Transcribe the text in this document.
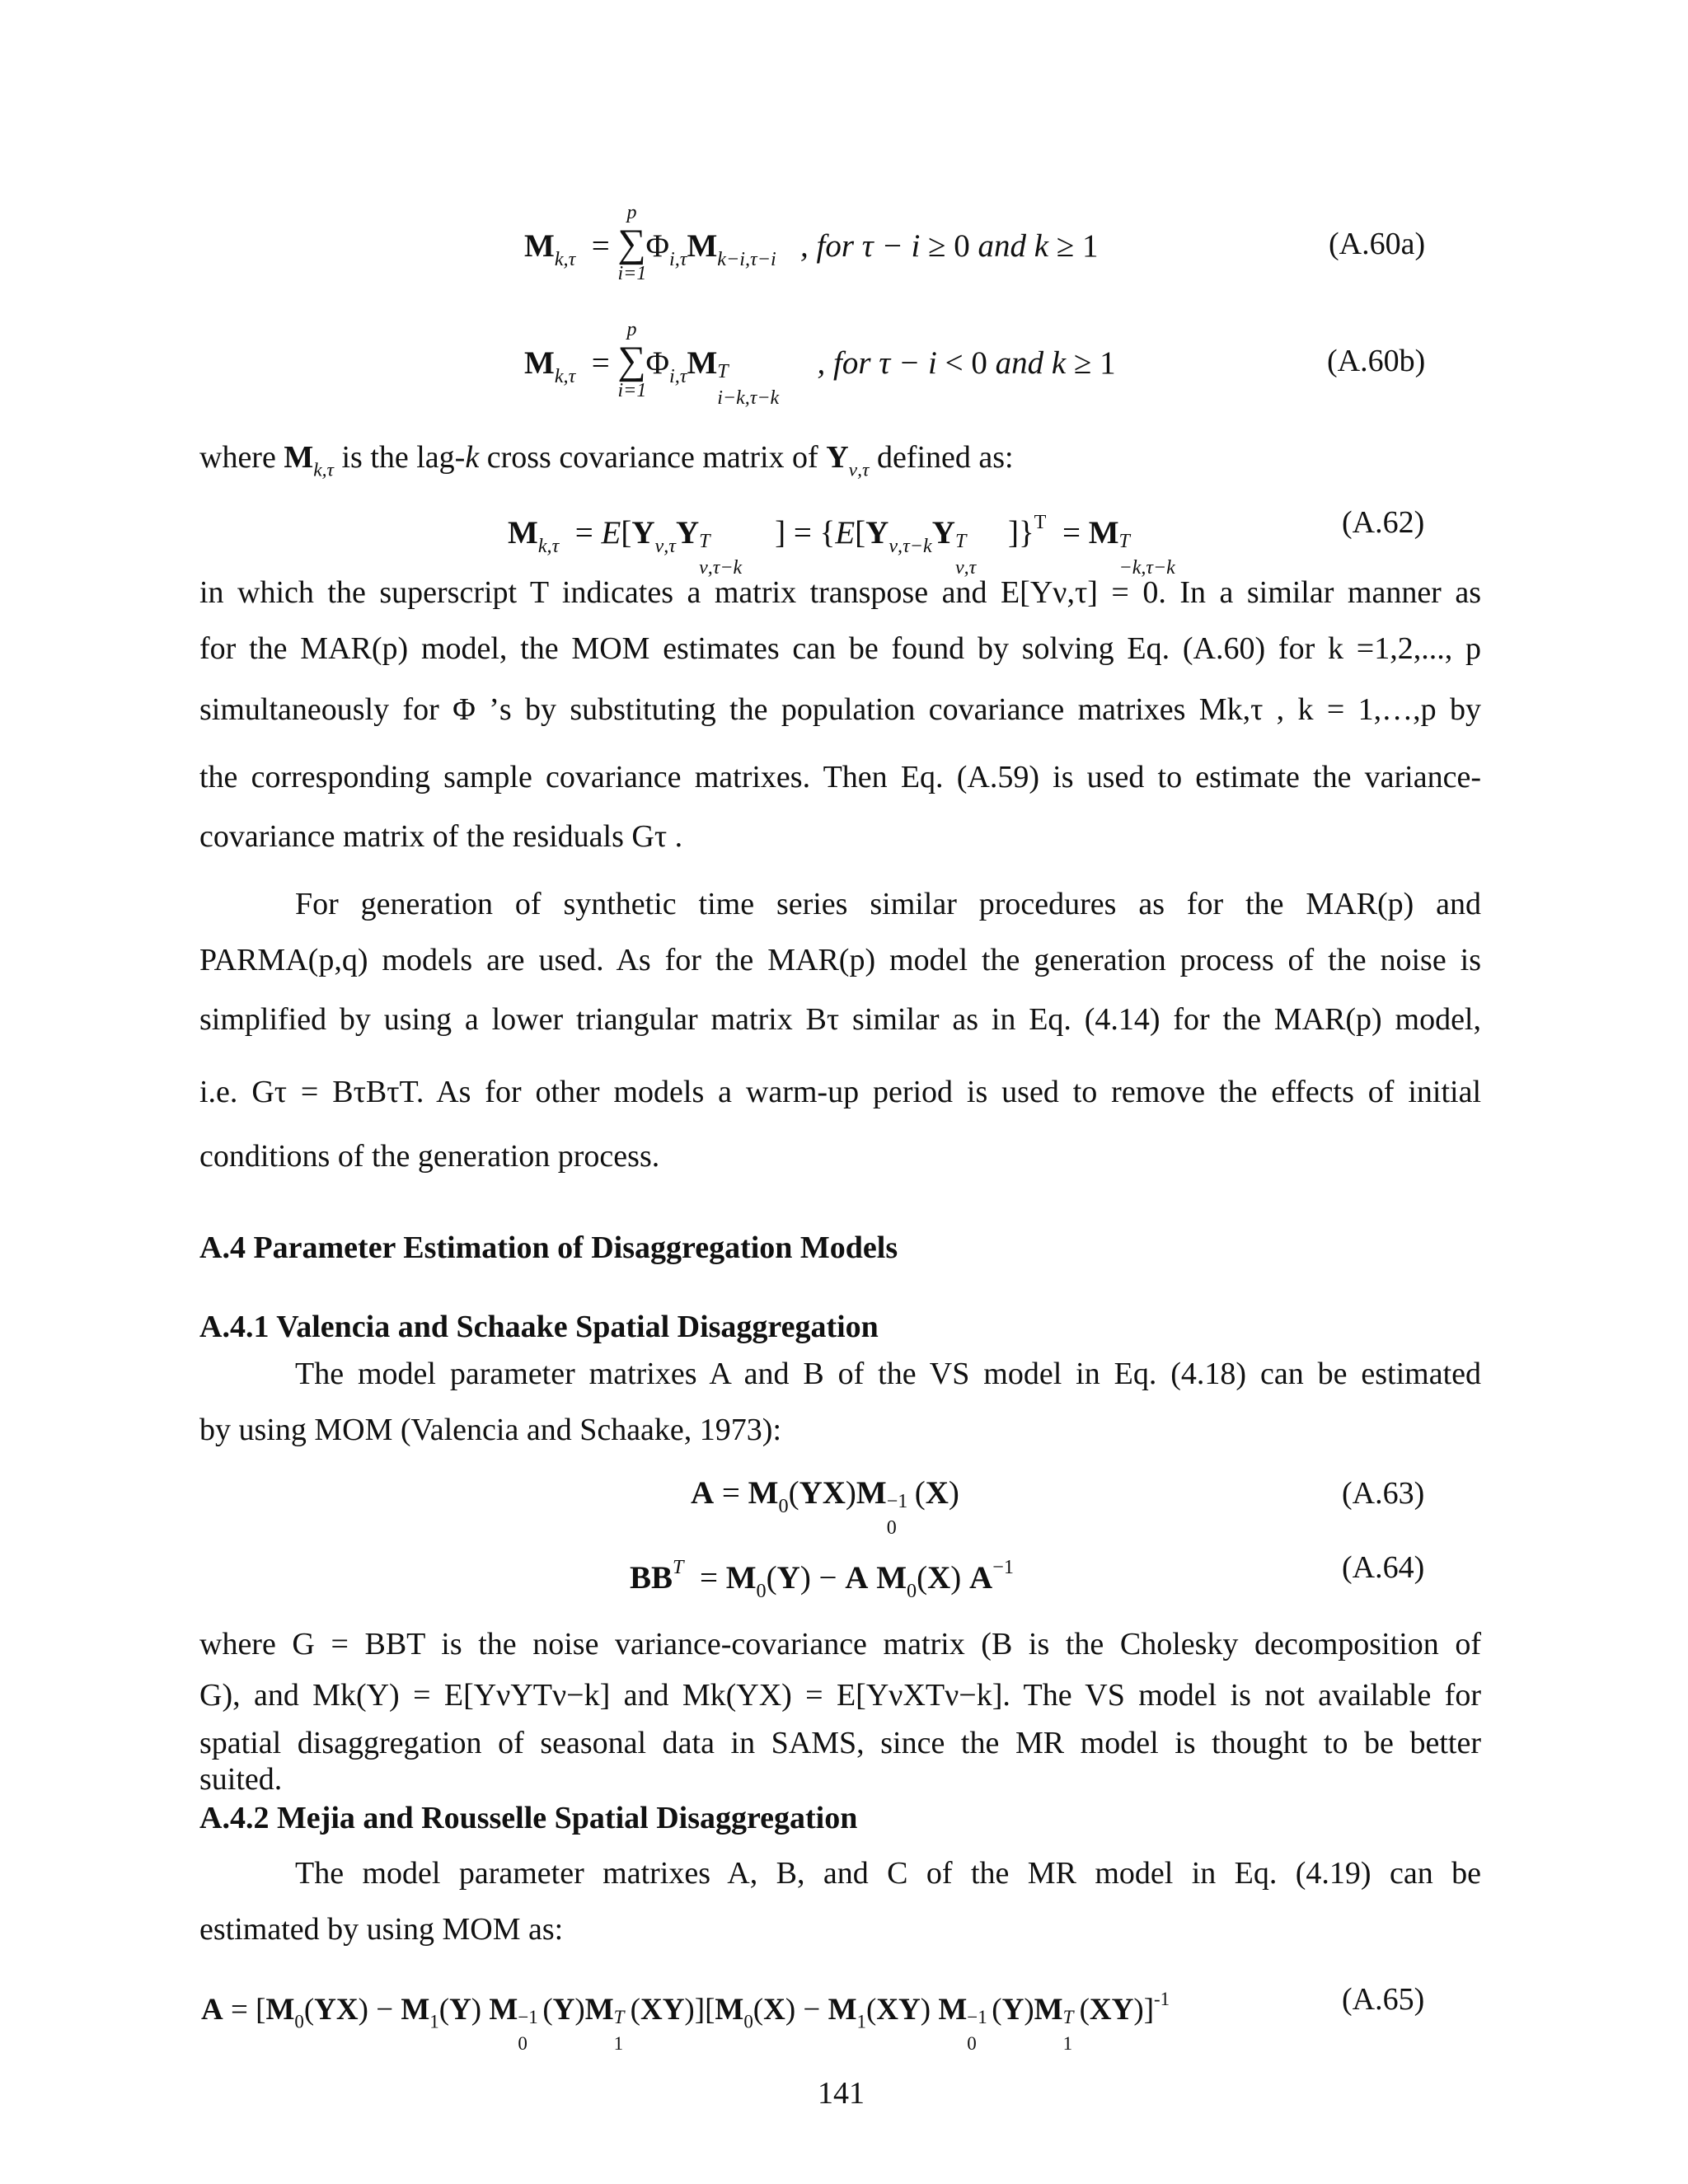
$M_{k,\tau}$  =
p
∑
i=1
$\Phi_{i,\tau}M_{k-i,\tau-i}$ , for τ − i ≥ 0 and k ≥ 1	(A.60a)
$M_{k,\tau}$  =
p
∑
i=1
$\Phi_{i,\tau}M$ T
i−k,τ−k
, for τ − i < 0 and k ≥ 1	(A.60b)
where $M_{k,\tau}$ is the lag-k cross covariance matrix of $Y_{\nu,\tau}$ defined as:
$M_{k,\tau} = E[Y_{\nu,\tau}Y$ T
ν,τ−k
] = {$E[Y_{\nu,\tau-k}Y$ T
ν,τ
]}$^T$  = M T
−k,τ−k
(A.62)
in which the superscript T indicates a matrix transpose and E[Yν,τ] = 0. In a similar manner as
for the MAR(p) model, the MOM estimates can be found by solving Eq. (A.60) for k =1,2,..., p
simultaneously for Φ ’s by substituting the population covariance matrixes Mk,τ , k = 1,…,p by
the corresponding sample covariance matrixes. Then Eq. (A.59) is used to estimate the variance-
covariance matrix of the residuals Gτ .
For generation of synthetic time series similar procedures as for the MAR(p) and
PARMA(p,q) models are used. As for the MAR(p) model the generation process of the noise is
simplified by using a lower triangular matrix Bτ similar as in Eq. (4.14) for the MAR(p) model,
i.e. Gτ = BτBτT. As for other models a warm-up period is used to remove the effects of initial
conditions of the generation process.
A.4 Parameter Estimation of Disaggregation Models
A.4.1 Valencia and Schaake Spatial Disaggregation
The model parameter matrixes A and B of the VS model in Eq. (4.18) can be estimated
by using MOM (Valencia and Schaake, 1973):
$A = M_0(YX)M -1$
0
(X)	(A.63)
$BB^T = M_0(Y) - A$ $M_0(X)$ $A^{-1}$	(A.64)
where G = BBT is the noise variance-covariance matrix (B is the Cholesky decomposition of
G), and Mk(Y) = E[YνYTν−k] and Mk(YX) = E[YνXTν−k]. The VS model is not available for
spatial disaggregation of seasonal data in SAMS, since the MR model is thought to be better
suited.
A.4.2 Mejia and Rousselle Spatial Disaggregation
The model parameter matrixes A, B, and C of the MR model in Eq. (4.19) can be
estimated by using MOM as:
$A = [M_0(YX) - M_1(Y)$ M −1
0
(Y)M T
1
$(XY)][M_0(X) - M_1(XY)$ M −1
0
(Y)M T
1
(XY)]$^{-1}$	(A.65)
141
